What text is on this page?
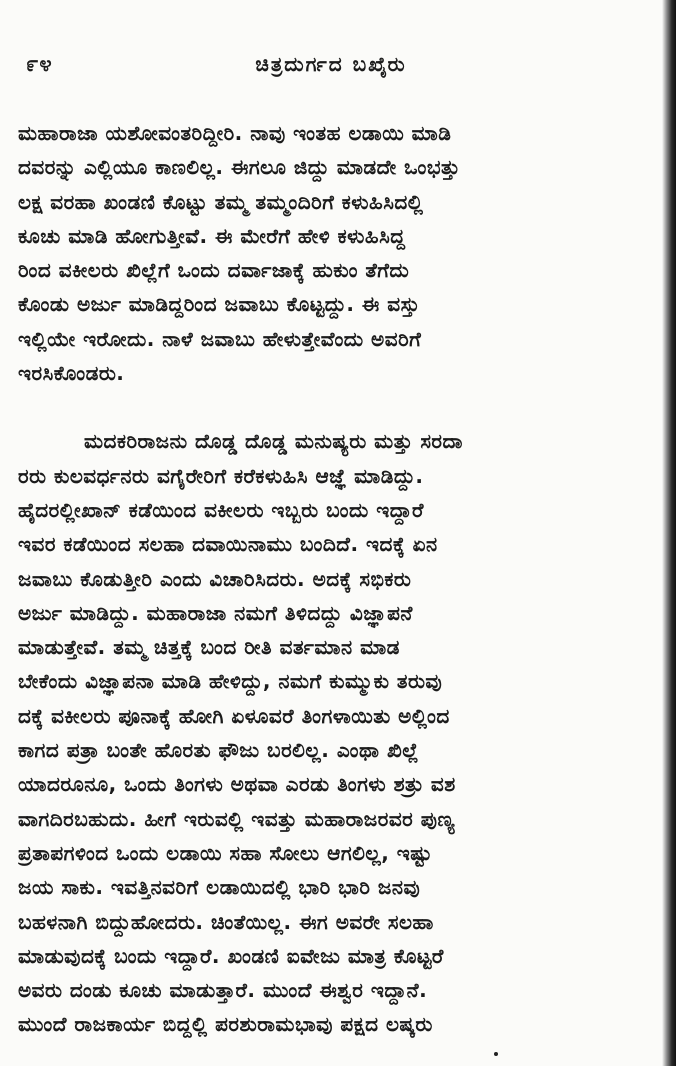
೯೪	ಚಿತ್ರದುರ್ಗದ ಬಖೈರು
ಮಹಾರಾಜಾ ಯಶೋವಂತರಿದ್ದೀರಿ. ನಾವು ಇಂತಹ ಲಡಾಯಿ ಮಾಡಿ
ದವರನ್ನು ಎಲ್ಲಿಯೂ ಕಾಣಲಿಲ್ಲ. ಈಗಲೂ ಜಿದ್ದು ಮಾಡದೇ ಒಂಭತ್ತು
ಲಕ್ಷ ವರಹಾ ಖಂಡಣಿ ಕೊಟ್ಟು ತಮ್ಮ ತಮ್ಮಂದಿರಿಗೆ ಕಳುಹಿಸಿದಲ್ಲಿ
ಕೂಚು ಮಾಡಿ ಹೋಗುತ್ತೀವೆ. ಈ ಮೇರೆಗೆ ಹೇಳಿ ಕಳುಹಿಸಿದ್ದ
ರಿಂದ ವಕೀಲರು ಖಿಲ್ಲೆಗೆ ಒಂದು ದರ್ವಾಜಾಕ್ಕೆ ಹುಕುಂ ತೆಗೆದು
ಕೊಂಡು ಅರ್ಜು ಮಾಡಿದ್ದರಿಂದ ಜವಾಬು ಕೊಟ್ಟದ್ದು. ಈ ವಸ್ತು
ಇಲ್ಲಿಯೇ ಇರೋದು. ನಾಳೆ ಜವಾಬು ಹೇಳುತ್ತೇವೆಂದು ಅವರಿಗೆ
ಇರಸಿಕೊಂಡರು.
ಮದಕರಿರಾಜನು ದೊಡ್ಡ ದೊಡ್ಡ ಮನುಷ್ಯರು ಮತ್ತು ಸರದಾ
ರರು ಕುಲವರ್ಧನರು ವಗೈರೇರಿಗೆ ಕರೆಕಳುಹಿಸಿ ಆಜ್ಞೆ ಮಾಡಿದ್ದು.
ಹೈದರಲ್ಲೀಖಾನ್ ಕಡೆಯಿಂದ ವಕೀಲರು ಇಬ್ಬರು ಬಂದು ಇದ್ದಾರೆ
ಇವರ ಕಡೆಯಿಂದ ಸಲಹಾ ದವಾಯಿನಾಮು ಬಂದಿದೆ. ಇದಕ್ಕೆ ಏನ
ಜವಾಬು ಕೊಡುತ್ತೀರಿ ಎಂದು ವಿಚಾರಿಸಿದರು. ಅದಕ್ಕೆ ಸಭಿಕರು
ಅರ್ಜು ಮಾಡಿದ್ದು. ಮಹಾರಾಜಾ ನಮಗೆ ತಿಳಿದದ್ದು ವಿಜ್ಞಾಪನೆ
ಮಾಡುತ್ತೇವೆ. ತಮ್ಮ ಚಿತ್ತಕ್ಕೆ ಬಂದ ರೀತಿ ವರ್ತಮಾನ ಮಾಡ
ಬೇಕೆಂದು ವಿಜ್ಞಾಪನಾ ಮಾಡಿ ಹೇಳಿದ್ದು, ನಮಗೆ ಕುಮ್ಮುಕು ತರುವು
ದಕ್ಕೆ ವಕೀಲರು ಪೂನಾಕ್ಕೆ ಹೋಗಿ ಏಳೂವರೆ ತಿಂಗಳಾಯಿತು ಅಲ್ಲಿಂದ
ಕಾಗದ ಪತ್ರಾ ಬಂತೇ ಹೊರತು ಫೌಜು ಬರಲಿಲ್ಲ. ಎಂಥಾ ಖಿಲ್ಲೆ
ಯಾದರೂನೂ, ಒಂದು ತಿಂಗಳು ಅಥವಾ ಎರಡು ತಿಂಗಳು ಶತ್ರು ವಶ
ವಾಗದಿರಬಹುದು. ಹೀಗೆ ಇರುವಲ್ಲಿ ಇವತ್ತು ಮಹಾರಾಜರವರ ಪುಣ್ಯ
ಪ್ರತಾಪಗಳಿಂದ ಒಂದು ಲಡಾಯಿ ಸಹಾ ಸೋಲು ಆಗಲಿಲ್ಲ, ಇಷ್ಟು
ಜಯ ಸಾಕು. ಇವತ್ತಿನವರಿಗೆ ಲಡಾಯಿದಲ್ಲಿ ಭಾರಿ ಭಾರಿ ಜನವು
ಬಹಳನಾಗಿ ಬಿದ್ದುಹೋದರು. ಚಿಂತೆಯಿಲ್ಲ. ಈಗ ಅವರೇ ಸಲಹಾ
ಮಾಡುವುದಕ್ಕೆ ಬಂದು ಇದ್ದಾರೆ. ಖಂಡಣಿ ಐವೇಜು ಮಾತ್ರ ಕೊಟ್ಟರೆ
ಅವರು ದಂಡು ಕೂಚು ಮಾಡುತ್ತಾರೆ. ಮುಂದೆ ಈಶ್ವರ ಇದ್ದಾನೆ.
ಮುಂದೆ ರಾಜಕಾರ್ಯ ಬಿದ್ದಲ್ಲಿ ಪರಶುರಾಮಭಾವು ಪಕ್ಷದ ಲಷ್ಕರು
